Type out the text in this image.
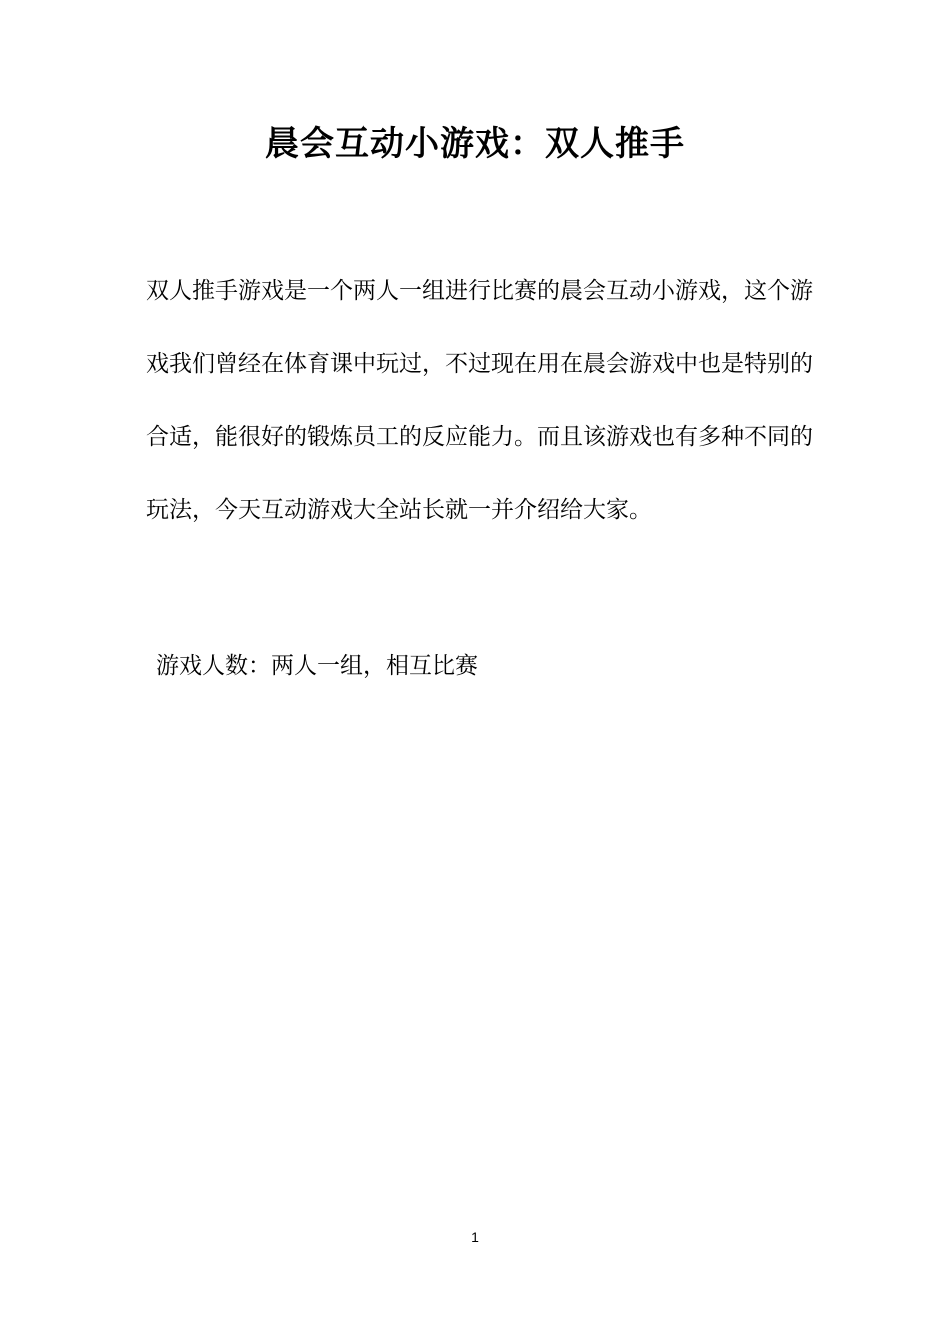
晨会互动小游戏：双人推手

双人推手游戏是一个两人一组进行比赛的晨会互动小游戏，这个游
戏我们曾经在体育课中玩过，不过现在用在晨会游戏中也是特别的
合适，能很好的锻炼员工的反应能力。而且该游戏也有多种不同的
玩法，今天互动游戏大全站长就一并介绍给大家。

游戏人数：两人一组，相互比赛

1
